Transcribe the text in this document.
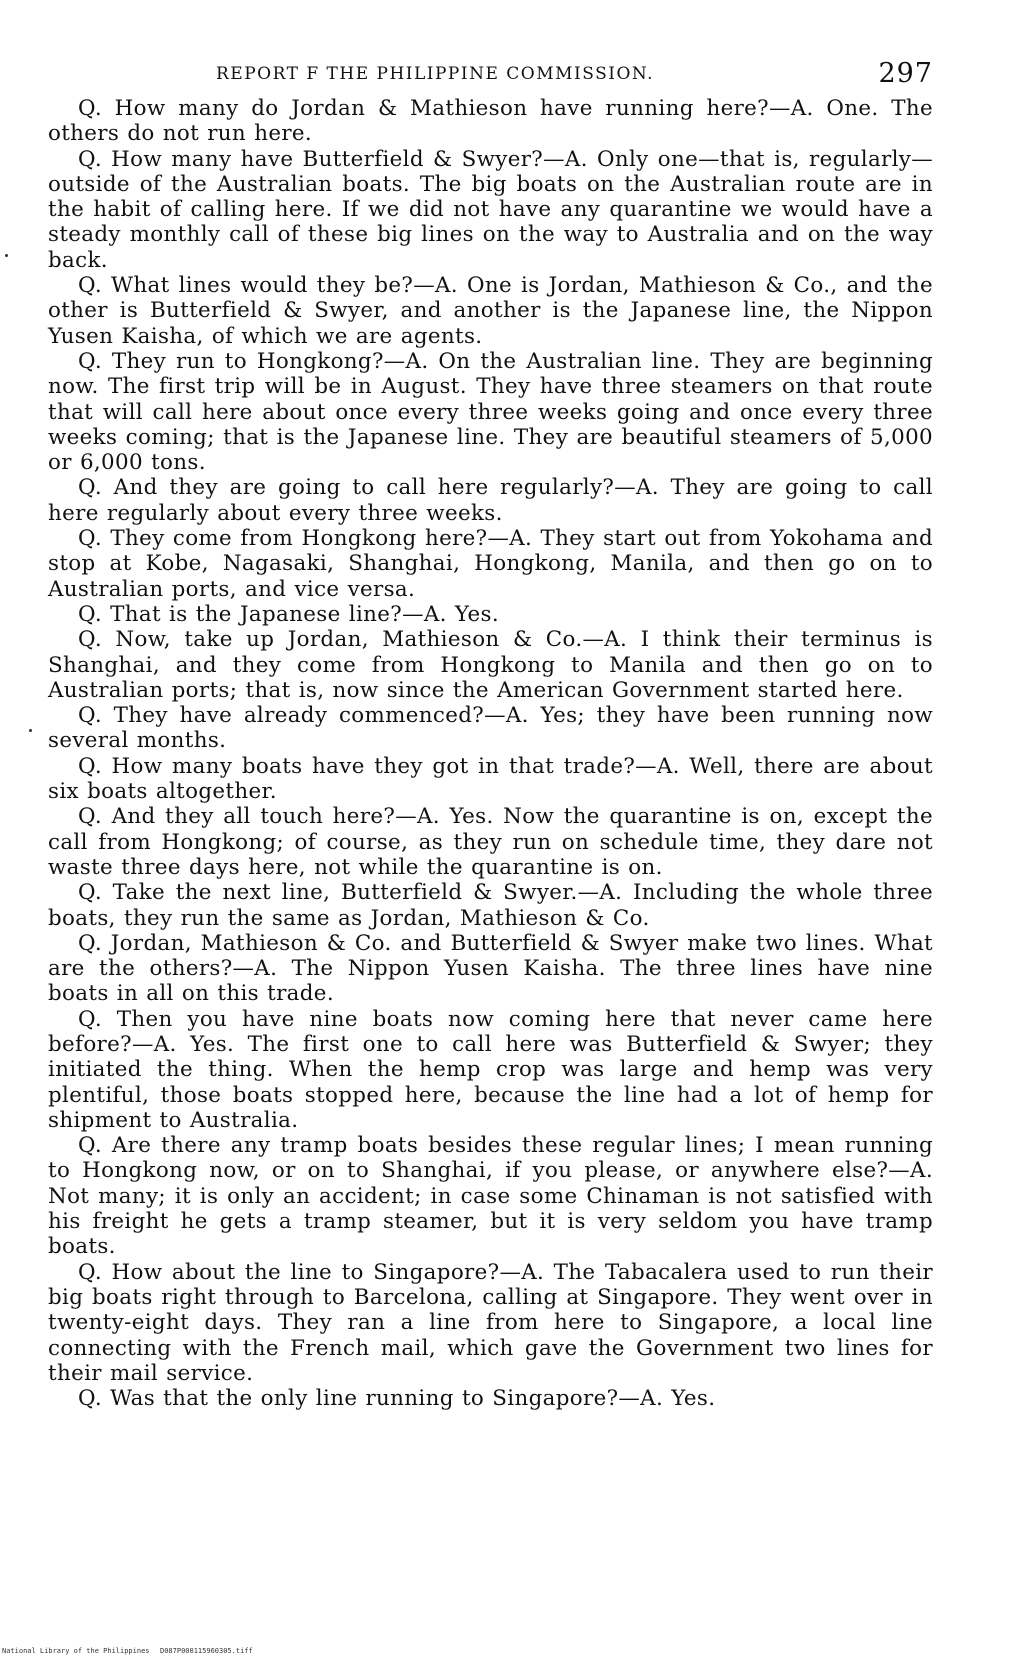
REPORT F THE PHILIPPINE COMMISSION.	297

Q. How many do Jordan & Mathieson have running here?—A. One. The others do not run here.

Q. How many have Butterfield & Swyer?—A. Only one—that is, regularly—outside of the Australian boats. The big boats on the Australian route are in the habit of calling here. If we did not have any quarantine we would have a steady monthly call of these big lines on the way to Australia and on the way back.

Q. What lines would they be?—A. One is Jordan, Mathieson & Co., and the other is Butterfield & Swyer, and another is the Japanese line, the Nippon Yusen Kaisha, of which we are agents.

Q. They run to Hongkong?—A. On the Australian line. They are beginning now. The first trip will be in August. They have three steamers on that route that will call here about once every three weeks going and once every three weeks coming; that is the Japanese line. They are beautiful steamers of 5,000 or 6,000 tons.

Q. And they are going to call here regularly?—A. They are going to call here regularly about every three weeks.

Q. They come from Hongkong here?—A. They start out from Yokohama and stop at Kobe, Nagasaki, Shanghai, Hongkong, Manila, and then go on to Australian ports, and vice versa.

Q. That is the Japanese line?—A. Yes.

Q. Now, take up Jordan, Mathieson & Co.—A. I think their terminus is Shanghai, and they come from Hongkong to Manila and then go on to Australian ports; that is, now since the American Government started here.

Q. They have already commenced?—A. Yes; they have been running now several months.

Q. How many boats have they got in that trade?—A. Well, there are about six boats altogether.

Q. And they all touch here?—A. Yes. Now the quarantine is on, except the call from Hongkong; of course, as they run on schedule time, they dare not waste three days here, not while the quarantine is on.

Q. Take the next line, Butterfield & Swyer.—A. Including the whole three boats, they run the same as Jordan, Mathieson & Co.

Q. Jordan, Mathieson & Co. and Butterfield & Swyer make two lines. What are the others?—A. The Nippon Yusen Kaisha. The three lines have nine boats in all on this trade.

Q. Then you have nine boats now coming here that never came here before?—A. Yes. The first one to call here was Butterfield & Swyer; they initiated the thing. When the hemp crop was large and hemp was very plentiful, those boats stopped here, because the line had a lot of hemp for shipment to Australia.

Q. Are there any tramp boats besides these regular lines; I mean running to Hongkong now, or on to Shanghai, if you please, or anywhere else?—A. Not many; it is only an accident; in case some Chinaman is not satisfied with his freight he gets a tramp steamer, but it is very seldom you have tramp boats.

Q. How about the line to Singapore?—A. The Tabacalera used to run their big boats right through to Barcelona, calling at Singapore. They went over in twenty-eight days. They ran a line from here to Singapore, a local line connecting with the French mail, which gave the Government two lines for their mail service.

Q. Was that the only line running to Singapore?—A. Yes.

National Library of the Philippines D087P000115960305.tiff
